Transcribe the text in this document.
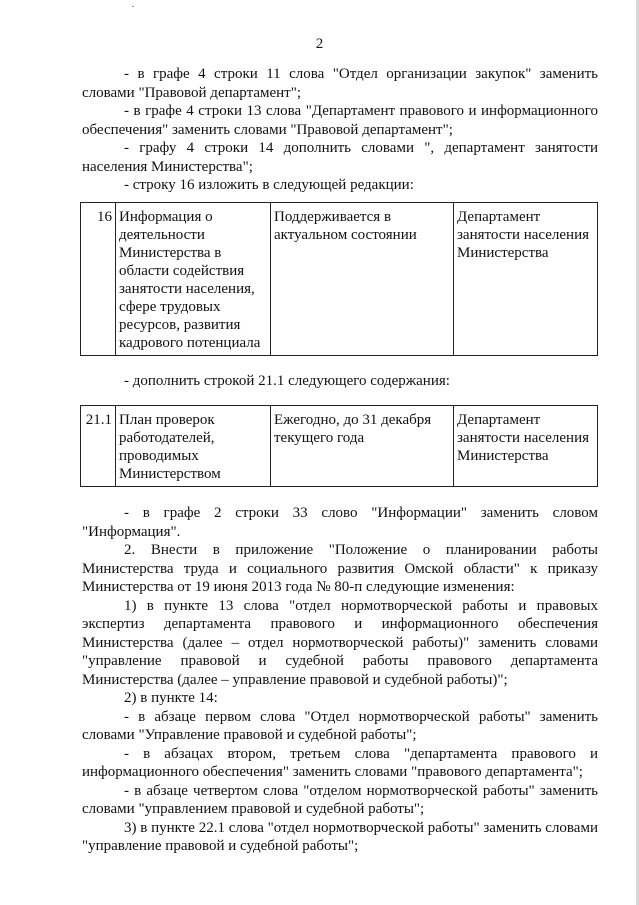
2

- в графе 4 строки 11 слова "Отдел организации закупок" заменить словами "Правовой департамент";

- в графе 4 строки 13 слова "Департамент правового и информационного обеспечения" заменить словами "Правовой департамент";

- графу 4 строки 14 дополнить словами ", департамент занятости населения Министерства";

- строку 16 изложить в следующей редакции:

16	Информация о деятельности Министерства в области содействия занятости населения, сфере трудовых ресурсов, развития кадрового потенциала	Поддерживается в актуальном состоянии	Департамент занятости населения Министерства

- дополнить строкой 21.1 следующего содержания:

21.1	План проверок работодателей, проводимых Министерством	Ежегодно, до 31 декабря текущего года	Департамент занятости населения Министерства

- в графе 2 строки 33 слово "Информации" заменить словом "Информация".

2. Внести в приложение "Положение о планировании работы Министерства труда и социального развития Омской области" к приказу Министерства от 19 июня 2013 года № 80-п следующие изменения:

1) в пункте 13 слова "отдел нормотворческой работы и правовых экспертиз департамента правового и информационного обеспечения Министерства (далее – отдел нормотворческой работы)" заменить словами "управление правовой и судебной работы правового департамента Министерства (далее – управление правовой и судебной работы)";

2) в пункте 14:

- в абзаце первом слова "Отдел нормотворческой работы" заменить словами "Управление правовой и судебной работы";

- в абзацах втором, третьем слова "департамента правового и информационного обеспечения" заменить словами "правового департамента";

- в абзаце четвертом слова "отделом нормотворческой работы" заменить словами "управлением правовой и судебной работы";

3) в пункте 22.1 слова "отдел нормотворческой работы" заменить словами "управление правовой и судебной работы";
